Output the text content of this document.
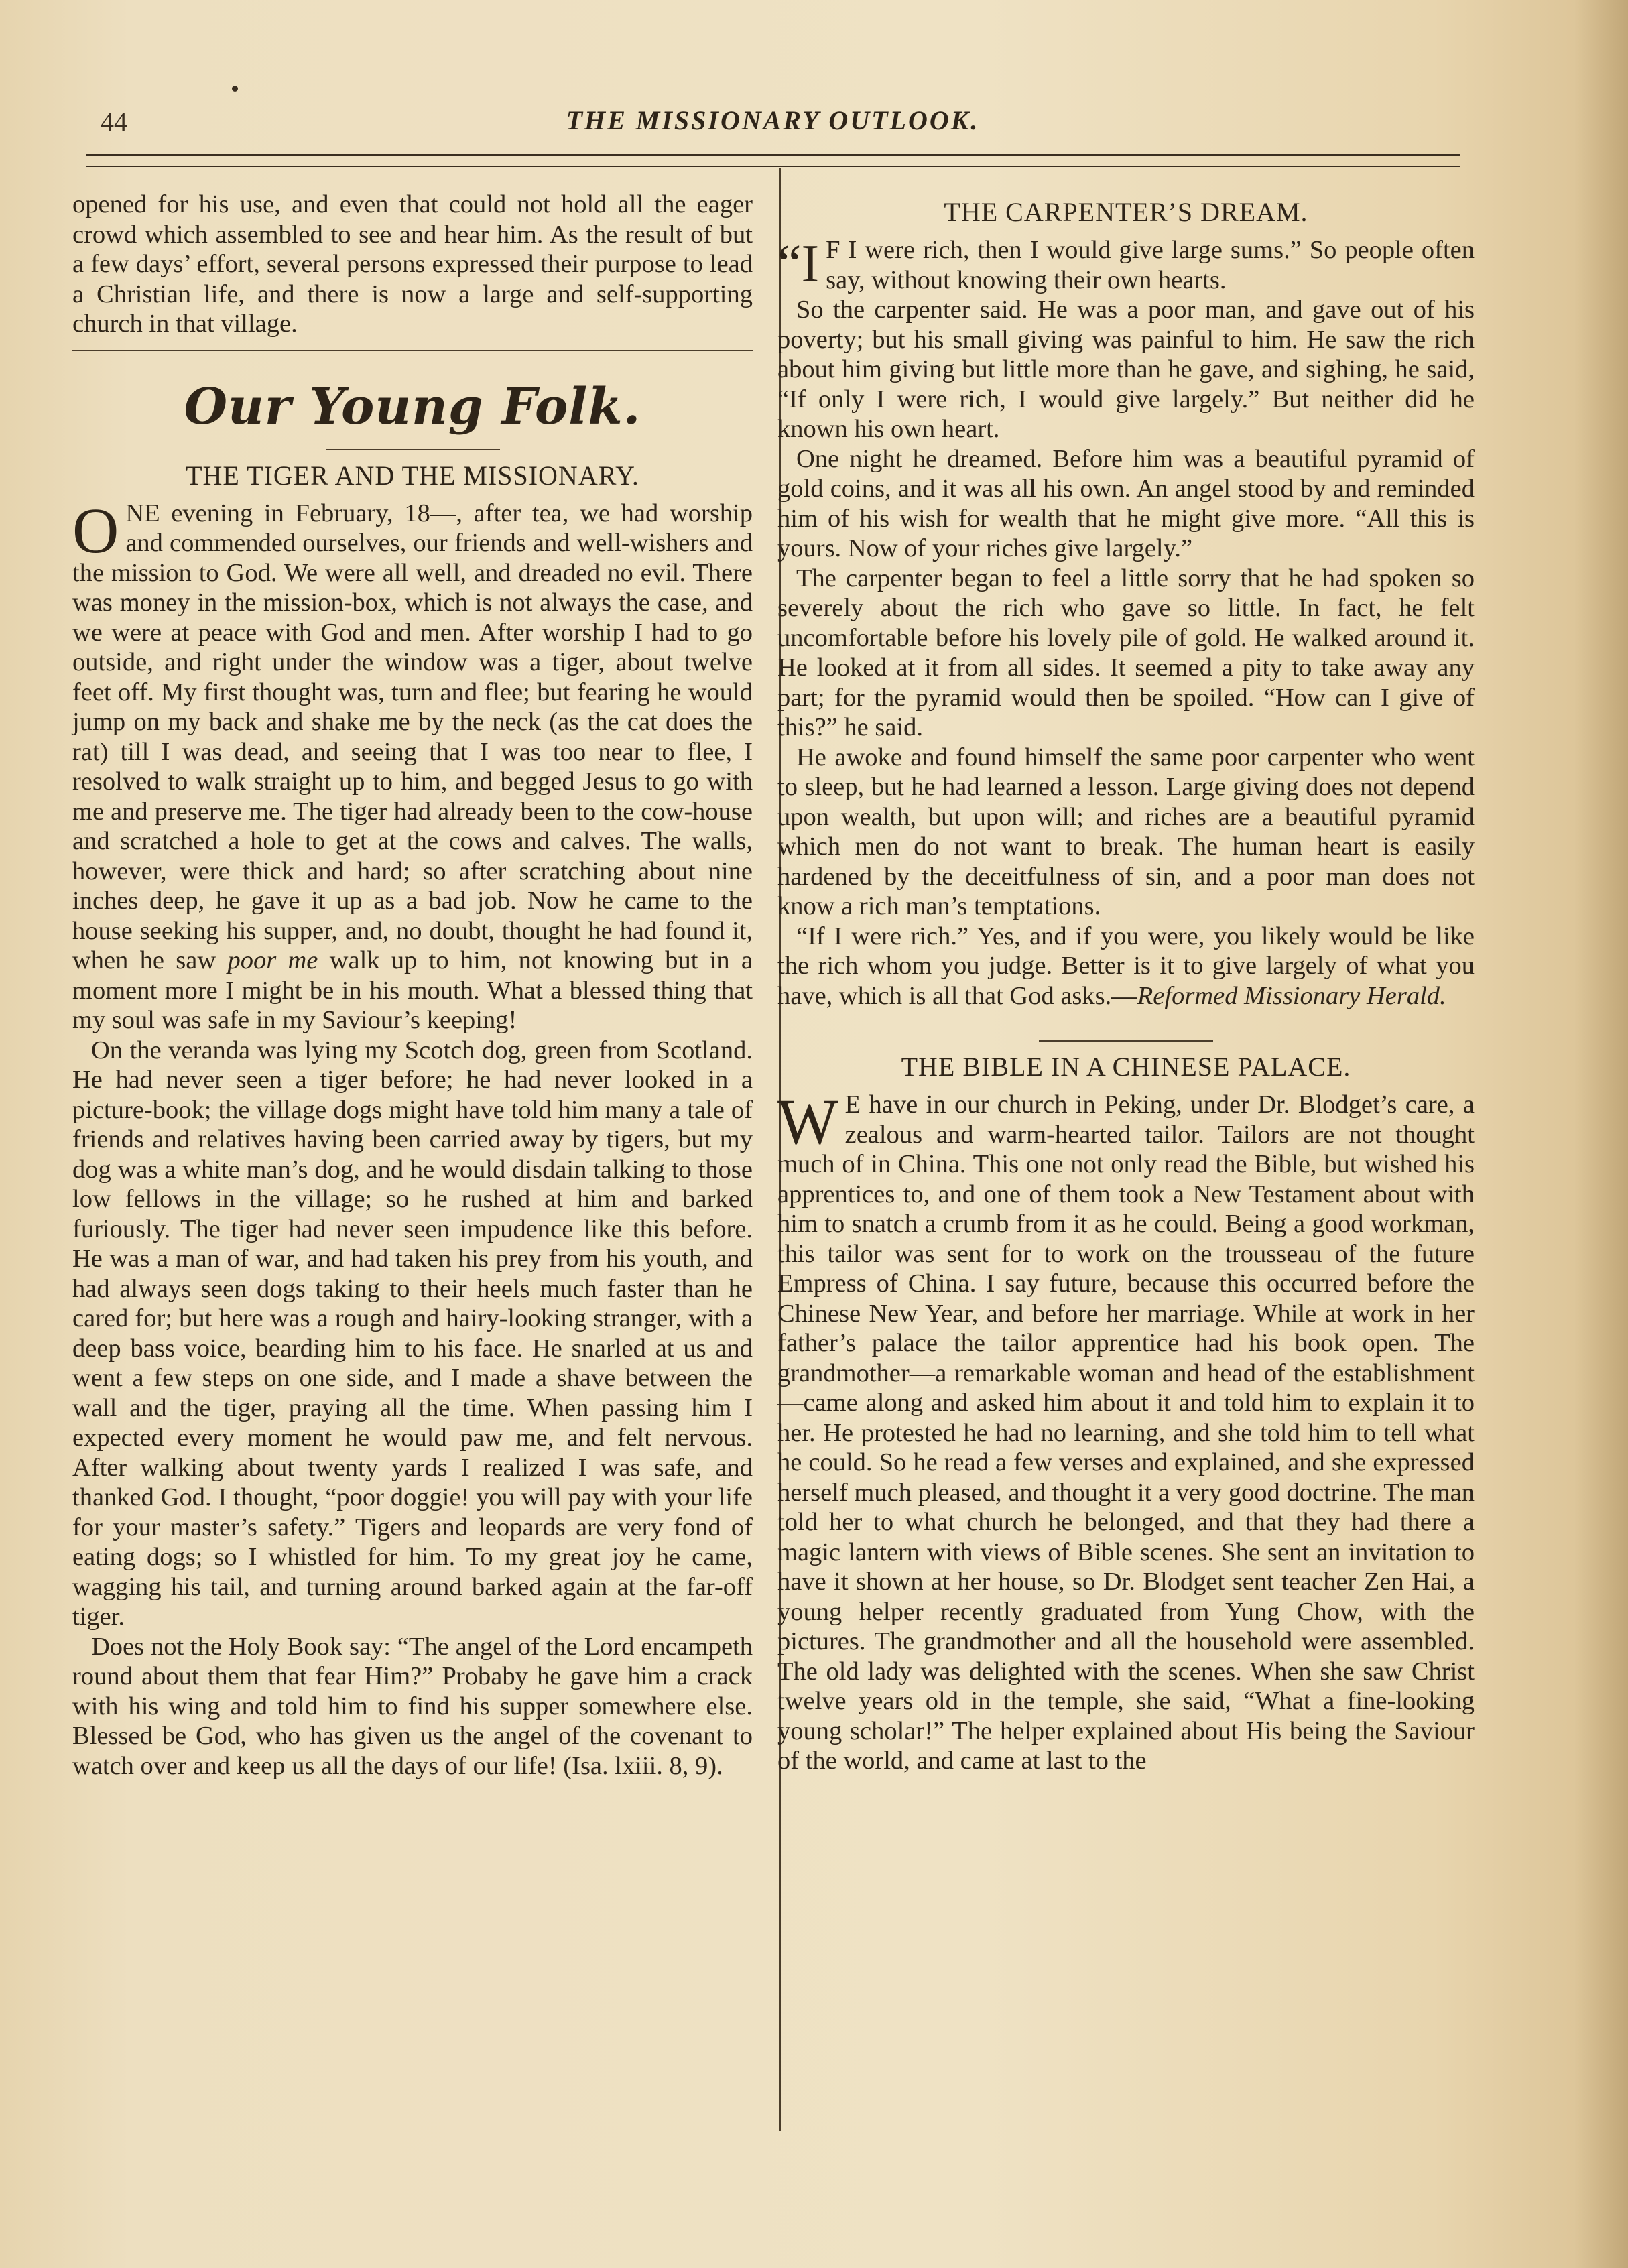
44	THE MISSIONARY OUTLOOK.

opened for his use, and even that could not hold all the eager crowd which assembled to see and hear him. As the result of but a few days’ effort, several persons expressed their purpose to lead a Christian life, and there is now a large and self-supporting church in that village.

Our Young Folk.
THE TIGER AND THE MISSIONARY.

ONE evening in February, 18—, after tea, we had worship and commended ourselves, our friends and well-wishers and the mission to God. We were all well, and dreaded no evil. There was money in the mission-box, which is not always the case, and we were at peace with God and men. After worship I had to go outside, and right under the window was a tiger, about twelve feet off. My first thought was, turn and flee; but fearing he would jump on my back and shake me by the neck (as the cat does the rat) till I was dead, and seeing that I was too near to flee, I resolved to walk straight up to him, and begged Jesus to go with me and preserve me. The tiger had already been to the cow-house and scratched a hole to get at the cows and calves. The walls, however, were thick and hard; so after scratching about nine inches deep, he gave it up as a bad job. Now he came to the house seeking his supper, and, no doubt, thought he had found it, when he saw poor me walk up to him, not knowing but in a moment more I might be in his mouth. What a blessed thing that my soul was safe in my Saviour’s keeping!

On the veranda was lying my Scotch dog, green from Scotland. He had never seen a tiger before; he had never looked in a picture-book; the village dogs might have told him many a tale of friends and relatives having been carried away by tigers, but my dog was a white man’s dog, and he would disdain talking to those low fellows in the village; so he rushed at him and barked furiously. The tiger had never seen impudence like this before. He was a man of war, and had taken his prey from his youth, and had always seen dogs taking to their heels much faster than he cared for; but here was a rough and hairy-looking stranger, with a deep bass voice, bearding him to his face. He snarled at us and went a few steps on one side, and I made a shave between the wall and the tiger, praying all the time. When passing him I expected every moment he would paw me, and felt nervous. After walking about twenty yards I realized I was safe, and thanked God. I thought, “poor doggie! you will pay with your life for your master’s safety.” Tigers and leopards are very fond of eating dogs; so I whistled for him. To my great joy he came, wagging his tail, and turning around barked again at the far-off tiger.

Does not the Holy Book say: “The angel of the Lord encampeth round about them that fear Him?” Probaby he gave him a crack with his wing and told him to find his supper somewhere else. Blessed be God, who has given us the angel of the covenant to watch over and keep us all the days of our life! (Isa. lxiii. 8, 9).

THE CARPENTER’S DREAM.

“I F I were rich, then I would give large sums.” So people often say, without knowing their own hearts.

So the carpenter said. He was a poor man, and gave out of his poverty; but his small giving was painful to him. He saw the rich about him giving but little more than he gave, and sighing, he said, “If only I were rich, I would give largely.” But neither did he known his own heart.

One night he dreamed. Before him was a beautiful pyramid of gold coins, and it was all his own. An angel stood by and reminded him of his wish for wealth that he might give more. “All this is yours. Now of your riches give largely.”

The carpenter began to feel a little sorry that he had spoken so severely about the rich who gave so little. In fact, he felt uncomfortable before his lovely pile of gold. He walked around it. He looked at it from all sides. It seemed a pity to take away any part; for the pyramid would then be spoiled. “How can I give of this?” he said.

He awoke and found himself the same poor carpenter who went to sleep, but he had learned a lesson. Large giving does not depend upon wealth, but upon will; and riches are a beautiful pyramid which men do not want to break. The human heart is easily hardened by the deceitfulness of sin, and a poor man does not know a rich man’s temptations.

“If I were rich.” Yes, and if you were, you likely would be like the rich whom you judge. Better is it to give largely of what you have, which is all that God asks.—Reformed Missionary Herald.

THE BIBLE IN A CHINESE PALACE.

W E have in our church in Peking, under Dr. Blodget’s care, a zealous and warm-hearted tailor. Tailors are not thought much of in China. This one not only read the Bible, but wished his apprentices to, and one of them took a New Testament about with him to snatch a crumb from it as he could. Being a good workman, this tailor was sent for to work on the trousseau of the future Empress of China. I say future, because this occurred before the Chinese New Year, and before her marriage. While at work in her father’s palace the tailor apprentice had his book open. The grandmother—a remarkable woman and head of the establishment—came along and asked him about it and told him to explain it to her. He protested he had no learning, and she told him to tell what he could. So he read a few verses and explained, and she expressed herself much pleased, and thought it a very good doctrine. The man told her to what church he belonged, and that they had there a magic lantern with views of Bible scenes. She sent an invitation to have it shown at her house, so Dr. Blodget sent teacher Zen Hai, a young helper recently graduated from Yung Chow, with the pictures. The grandmother and all the household were assembled. The old lady was delighted with the scenes. When she saw Christ twelve years old in the temple, she said, “What a fine-looking young scholar!” The helper explained about His being the Saviour of the world, and came at last to the
